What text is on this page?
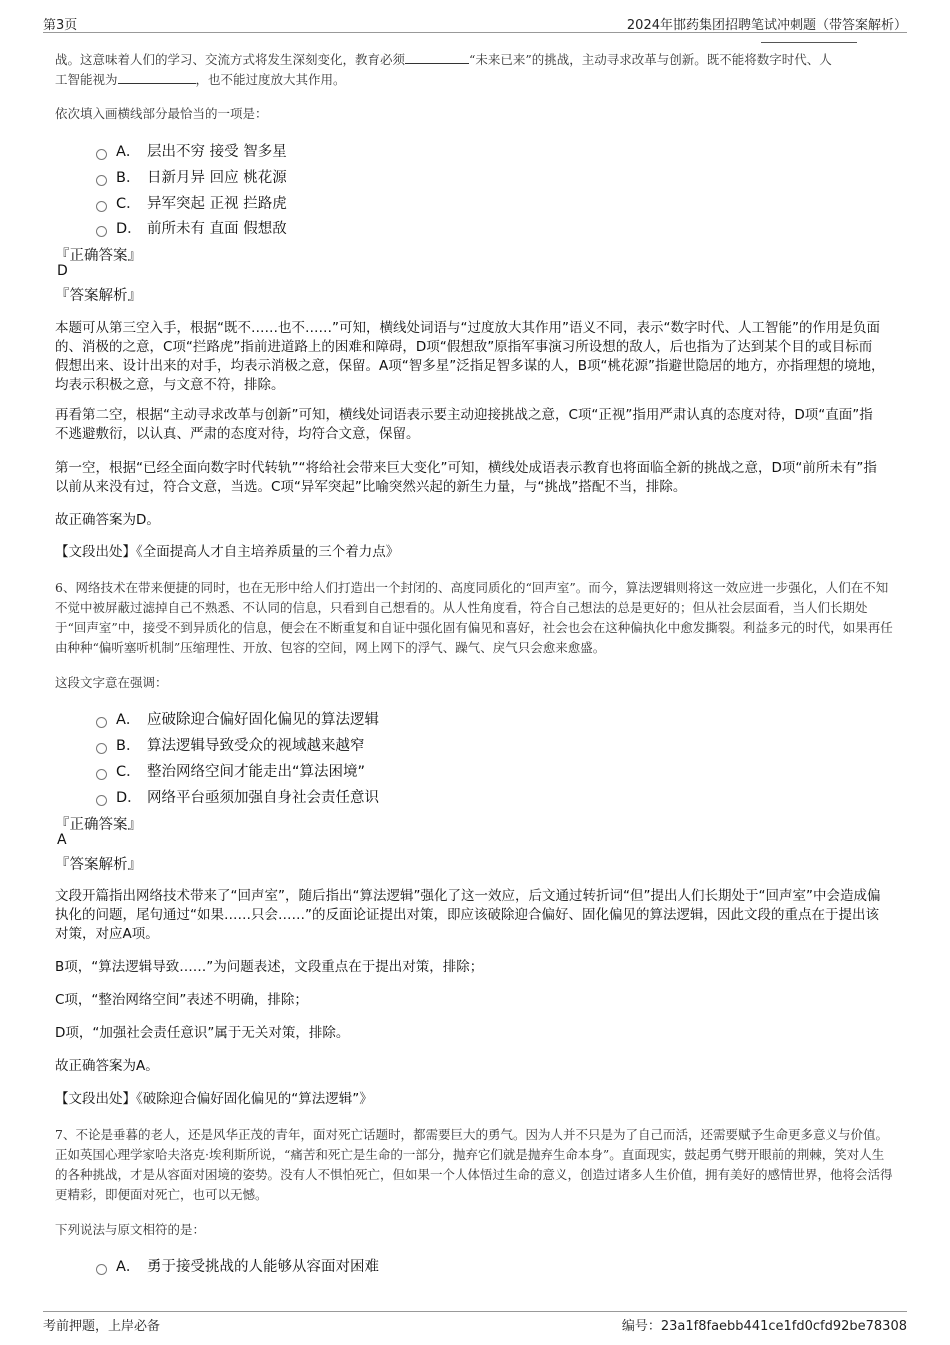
第3页	2024年邯药集团招聘笔试冲刺题（带答案解析）
战。这意味着人们的学习、交流方式将发生深刻变化，教育必须	“未来已来”的挑战，主动寻求改革与创新。既不能将数字时代、人
工智能视为	，也不能过度放大其作用。
依次填入画横线部分最恰当的一项是：
A． 层出不穷 接受 智多星
B． 日新月异 回应 桃花源
C． 异军突起 正视 拦路虎
D． 前所未有 直面 假想敌
『正确答案』
D
『答案解析』
本题可从第三空入手，根据“既不……也不……”可知，横线处词语与“过度放大其作用”语义不同，表示“数字时代、人工智能”的作用是负面的、消极的之意，C项“拦路虎”指前进道路上的困难和障碍，D项“假想敌”原指军事演习所设想的敌人，后也指为了达到某个目的或目标而假想出来、设计出来的对手，均表示消极之意，保留。A项“智多星”泛指足智多谋的人，B项“桃花源”指避世隐居的地方，亦指理想的境地，均表示积极之意，与文意不符，排除。
再看第二空，根据“主动寻求改革与创新”可知，横线处词语表示要主动迎接挑战之意，C项“正视”指用严肃认真的态度对待，D项“直面”指不逃避敷衍，以认真、严肃的态度对待，均符合文意，保留。
第一空，根据“已经全面向数字时代转轨”“将给社会带来巨大变化”可知，横线处成语表示教育也将面临全新的挑战之意，D项“前所未有”指以前从来没有过，符合文意，当选。C项“异军突起”比喻突然兴起的新生力量，与“挑战”搭配不当，排除。
故正确答案为D。
【文段出处】《全面提高人才自主培养质量的三个着力点》
6、网络技术在带来便捷的同时，也在无形中给人们打造出一个封闭的、高度同质化的“回声室”。而今，算法逻辑则将这一效应进一步强化，人们在不知不觉中被屏蔽过滤掉自己不熟悉、不认同的信息，只看到自己想看的。从人性角度看，符合自己想法的总是更好的；但从社会层面看，当人们长期处于“回声室”中，接受不到异质化的信息，便会在不断重复和自证中强化固有偏见和喜好，社会也会在这种偏执化中愈发撕裂。利益多元的时代，如果再任由种种“偏听塞听机制”压缩理性、开放、包容的空间，网上网下的浮气、躁气、戾气只会愈来愈盛。
这段文字意在强调：
A． 应破除迎合偏好固化偏见的算法逻辑
B． 算法逻辑导致受众的视域越来越窄
C． 整治网络空间才能走出“算法困境”
D． 网络平台亟须加强自身社会责任意识
『正确答案』
A
『答案解析』
文段开篇指出网络技术带来了“回声室”，随后指出“算法逻辑”强化了这一效应，后文通过转折词“但”提出人们长期处于“回声室”中会造成偏执化的问题，尾句通过“如果……只会……”的反面论证提出对策，即应该破除迎合偏好、固化偏见的算法逻辑，因此文段的重点在于提出该对策，对应A项。
B项，“算法逻辑导致……”为问题表述，文段重点在于提出对策，排除；
C项，“整治网络空间”表述不明确，排除；
D项，“加强社会责任意识”属于无关对策，排除。
故正确答案为A。
【文段出处】《破除迎合偏好固化偏见的“算法逻辑”》
7、不论是垂暮的老人，还是风华正茂的青年，面对死亡话题时，都需要巨大的勇气。因为人并不只是为了自己而活，还需要赋予生命更多意义与价值。正如英国心理学家哈夫洛克·埃利斯所说，“痛苦和死亡是生命的一部分，抛弃它们就是抛弃生命本身”。直面现实，鼓起勇气劈开眼前的荆棘，笑对人生的各种挑战，才是从容面对困境的姿势。没有人不惧怕死亡，但如果一个人体悟过生命的意义，创造过诸多人生价值，拥有美好的感情世界，他将会活得更精彩，即便面对死亡，也可以无憾。
下列说法与原文相符的是：
A． 勇于接受挑战的人能够从容面对困难
考前押题，上岸必备	编号：23a1f8faebb441ce1fd0cfd92be78308
